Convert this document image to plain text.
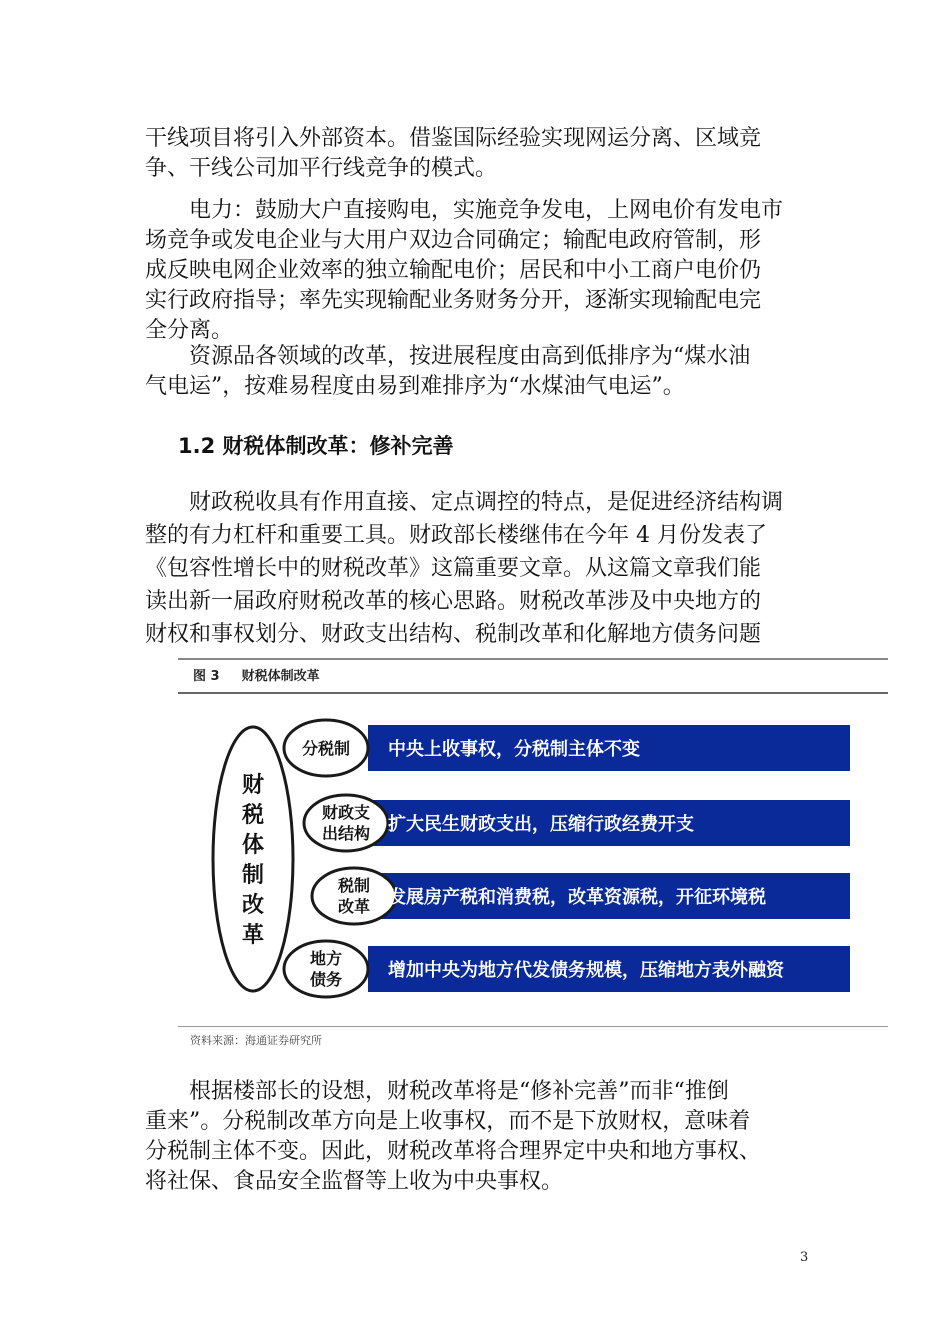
干线项目将引入外部资本。借鉴国际经验实现网运分离、区域竞
争、干线公司加平行线竞争的模式。

　　电力：鼓励大户直接购电，实施竞争发电，上网电价有发电市
场竞争或发电企业与大用户双边合同确定；输配电政府管制，形
成反映电网企业效率的独立输配电价；居民和中小工商户电价仍
实行政府指导；率先实现输配业务财务分开，逐渐实现输配电完
全分离。

　　资源品各领域的改革，按进展程度由高到低排序为“煤水油
气电运”，按难易程度由易到难排序为“水煤油气电运”。

1.2 财税体制改革：修补完善

　　财政税收具有作用直接、定点调控的特点，是促进经济结构调
整的有力杠杆和重要工具。财政部长楼继伟在今年 4 月份发表了
《包容性增长中的财税改革》这篇重要文章。从这篇文章我们能
读出新一届政府财税改革的核心思路。财税改革涉及中央地方的
财权和事权划分、财政支出结构、税制改革和化解地方债务问题

图 3 财税体制改革
财
税
体
制
改
革
中央上收事权，分税制主体不变
分税制
扩大民生财政支出，压缩行政经费开支
财政支
出结构
发展房产税和消费税，改革资源税，开征环境税
税制
改革
增加中央为地方代发债务规模，压缩地方表外融资
地方
债务
资料来源：海通证券研究所

　　根据楼部长的设想，财税改革将是“修补完善”而非“推倒
重来”。分税制改革方向是上收事权，而不是下放财权，意味着
分税制主体不变。因此，财税改革将合理界定中央和地方事权、
将社保、食品安全监督等上收为中央事权。

3
